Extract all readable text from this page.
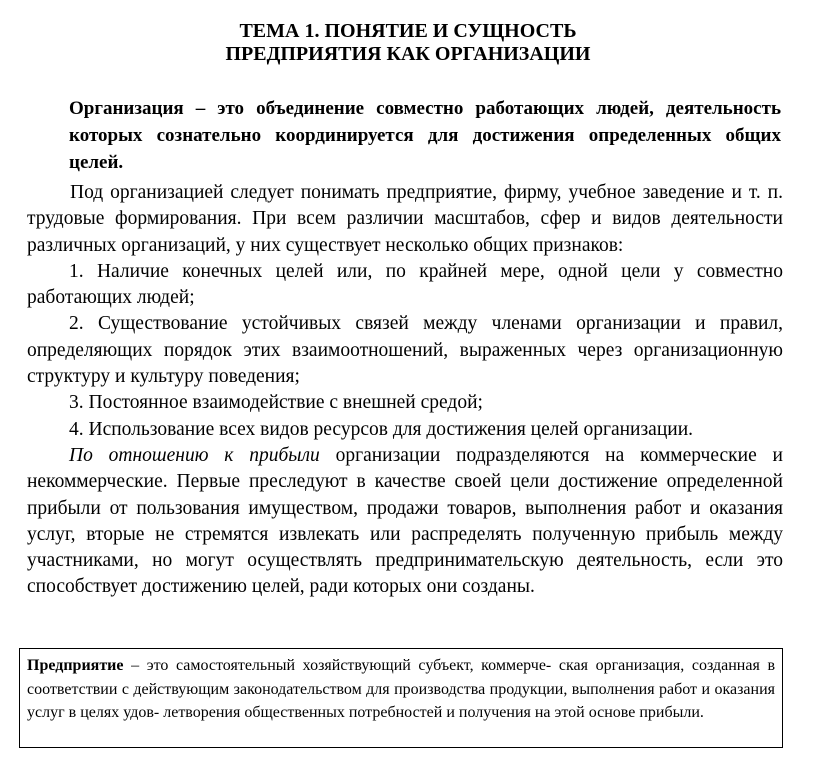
ТЕМА 1. ПОНЯТИЕ И СУЩНОСТЬ
ПРЕДПРИЯТИЯ КАК ОРГАНИЗАЦИИ
Организация – это объединение совместно работающих людей, деятельность которых сознательно координируется для достижения определенных общих целей.

Под организацией следует понимать предприятие, фирму, учебное заведение и т. п. трудовые формирования. При всем различии масштабов, сфер и видов деятельности различных организаций, у них существует несколько общих признаков:

1. Наличие конечных целей или, по крайней мере, одной цели у совместно работающих людей;

2. Существование устойчивых связей между членами организации и правил, определяющих порядок этих взаимоотношений, выраженных через организационную структуру и культуру поведения;

3. Постоянное взаимодействие с внешней средой;

4. Использование всех видов ресурсов для достижения целей организации.

По отношению к прибыли организации подразделяются на коммерческие и некоммерческие. Первые преследуют в качестве своей цели достижение определенной прибыли от пользования имуществом, продажи товаров, выполнения работ и оказания услуг, вторые не стремятся извлекать или распределять полученную прибыль между участниками, но могут осуществлять предпринимательскую деятельность, если это способствует достижению целей, ради которых они созданы.

Предприятие – это самостоятельный хозяйствующий субъект, коммерче- ская организация, созданная в соответствии с действующим законодательством для производства продукции, выполнения работ и оказания услуг в целях удов- летворения общественных потребностей и получения на этой основе прибыли.
